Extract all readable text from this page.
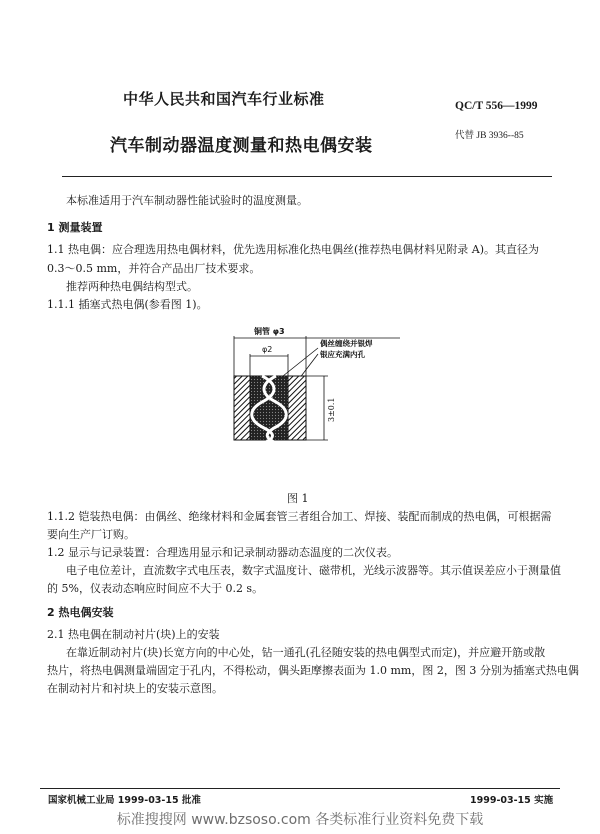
中华人民共和国汽车行业标准	QC/T 556—1999
汽车制动器温度测量和热电偶安装	代替 JB 3936--85
本标准适用于汽车制动器性能试验时的温度测量。
1 测量装置
1.1 热电偶：应合理选用热电偶材料，优先选用标准化热电偶丝(推荐热电偶材料见附录 A)。其直径为
0.3～0.5 mm，并符合产品出厂技术要求。
推荐两种热电偶结构型式。
1.1.1 插塞式热电偶(参看图 1)。
铜管 φ3
φ2
偶丝缠绕并银焊
银应充满内孔
3±0.1
图 1
1.1.2 铠装热电偶：由偶丝、绝缘材料和金属套管三者组合加工、焊接、装配而制成的热电偶，可根据需
要向生产厂订购。
1.2 显示与记录装置：合理选用显示和记录制动器动态温度的二次仪表。
电子电位差计，直流数字式电压表，数字式温度计、磁带机，光线示波器等。其示值误差应小于测量值
的 5%，仪表动态响应时间应不大于 0.2 s。
2 热电偶安装
2.1 热电偶在制动衬片(块)上的安装
在靠近制动衬片(块)长宽方向的中心处，钻一通孔(孔径随安装的热电偶型式而定)，并应避开筋或散
热片，将热电偶测量端固定于孔内，不得松动，偶头距摩擦表面为 1.0 mm，图 2，图 3 分别为插塞式热电偶
在制动衬片和衬块上的安装示意图。
国家机械工业局 1999-03-15 批准	1999-03-15 实施
标准搜搜网 www.bzsoso.com 各类标准行业资料免费下载
